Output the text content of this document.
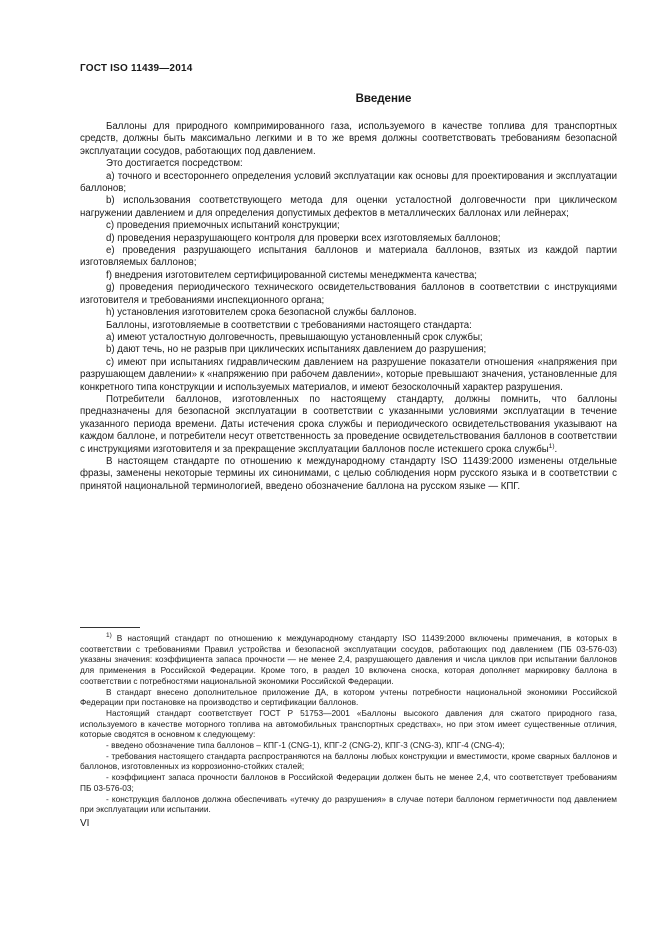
ГОСТ ISO 11439—2014
Введение

Баллоны для природного компримированного газа, используемого в качестве топлива для транспортных средств, должны быть максимально легкими и в то же время должны соответствовать требованиям безопасной эксплуатации сосудов, работающих под давлением.

Это достигается посредством:

а) точного и всестороннего определения условий эксплуатации как основы для проектирования и эксплуатации баллонов;

b) использования соответствующего метода для оценки усталостной долговечности при циклическом нагружении давлением и для определения допустимых дефектов в металлических баллонах или лейнерах;

с) проведения приемочных испытаний конструкции;

d) проведения неразрушающего контроля для проверки всех изготовляемых баллонов;

е) проведения разрушающего испытания баллонов и материала баллонов, взятых из каждой партии изготовляемых баллонов;

f) внедрения изготовителем сертифицированной системы менеджмента качества;

g) проведения периодического технического освидетельствования баллонов в соответствии с инструкциями изготовителя и требованиями инспекционного органа;

h) установления изготовителем срока безопасной службы баллонов.

Баллоны, изготовляемые в соответствии с требованиями настоящего стандарта:

а) имеют усталостную долговечность, превышающую установленный срок службы;

b) дают течь, но не разрыв при циклических испытаниях давлением до разрушения;

с) имеют при испытаниях гидравлическим давлением на разрушение показатели отношения «напряжения при разрушающем давлении» к «напряжению при рабочем давлении», которые превышают значения, установленные для конкретного типа конструкции и используемых материалов, и имеют безосколочный характер разрушения.

Потребители баллонов, изготовленных по настоящему стандарту, должны помнить, что баллоны предназначены для безопасной эксплуатации в соответствии с указанными условиями эксплуатации в течение указанного периода времени. Даты истечения срока службы и периодического освидетельствования указывают на каждом баллоне, и потребители несут ответственность за проведение освидетельствования баллонов в соответствии с инструкциями изготовителя и за прекращение эксплуатации баллонов после истекшего срока службы$^{1)}$.

В настоящем стандарте по отношению к международному стандарту ISO 11439:2000 изменены отдельные фразы, заменены некоторые термины их синонимами, с целью соблюдения норм русского языка и в соответствии с принятой национальной терминологией, введено обозначение баллона на русском языке — КПГ.

$^{1)}$ В настоящий стандарт по отношению к международному стандарту ISO 11439:2000 включены примечания, в которых в соответствии с требованиями Правил устройства и безопасной эксплуатации сосудов, работающих под давлением (ПБ 03-576-03) указаны значения: коэффициента запаса прочности — не менее 2,4, разрушающего давления и числа циклов при испытании баллонов для применения в Российской Федерации. Кроме того, в раздел 10 включена сноска, которая дополняет маркировку баллона в соответствии с потребностями национальной экономики Российской Федерации.

В стандарт внесено дополнительное приложение ДА, в котором учтены потребности национальной экономики Российской Федерации при постановке на производство и сертификации баллонов.

Настоящий стандарт соответствует ГОСТ Р 51753—2001 «Баллоны высокого давления для сжатого природного газа, используемого в качестве моторного топлива на автомобильных транспортных средствах», но при этом имеет существенные отличия, которые сводятся в основном к следующему:

- введено обозначение типа баллонов – КПГ-1 (CNG-1), КПГ-2 (CNG-2), КПГ-3 (CNG-3), КПГ-4 (CNG-4);

- требования настоящего стандарта распространяются на баллоны любых конструкции и вместимости, кроме сварных баллонов и баллонов, изготовленных из коррозионно-стойких сталей;

- коэффициент запаса прочности баллонов в Российской Федерации должен быть не менее 2,4, что соответствует требованиям ПБ 03-576-03;

- конструкция баллонов должна обеспечивать «утечку до разрушения» в случае потери баллоном герметичности под давлением при эксплуатации или испытании.

VI
